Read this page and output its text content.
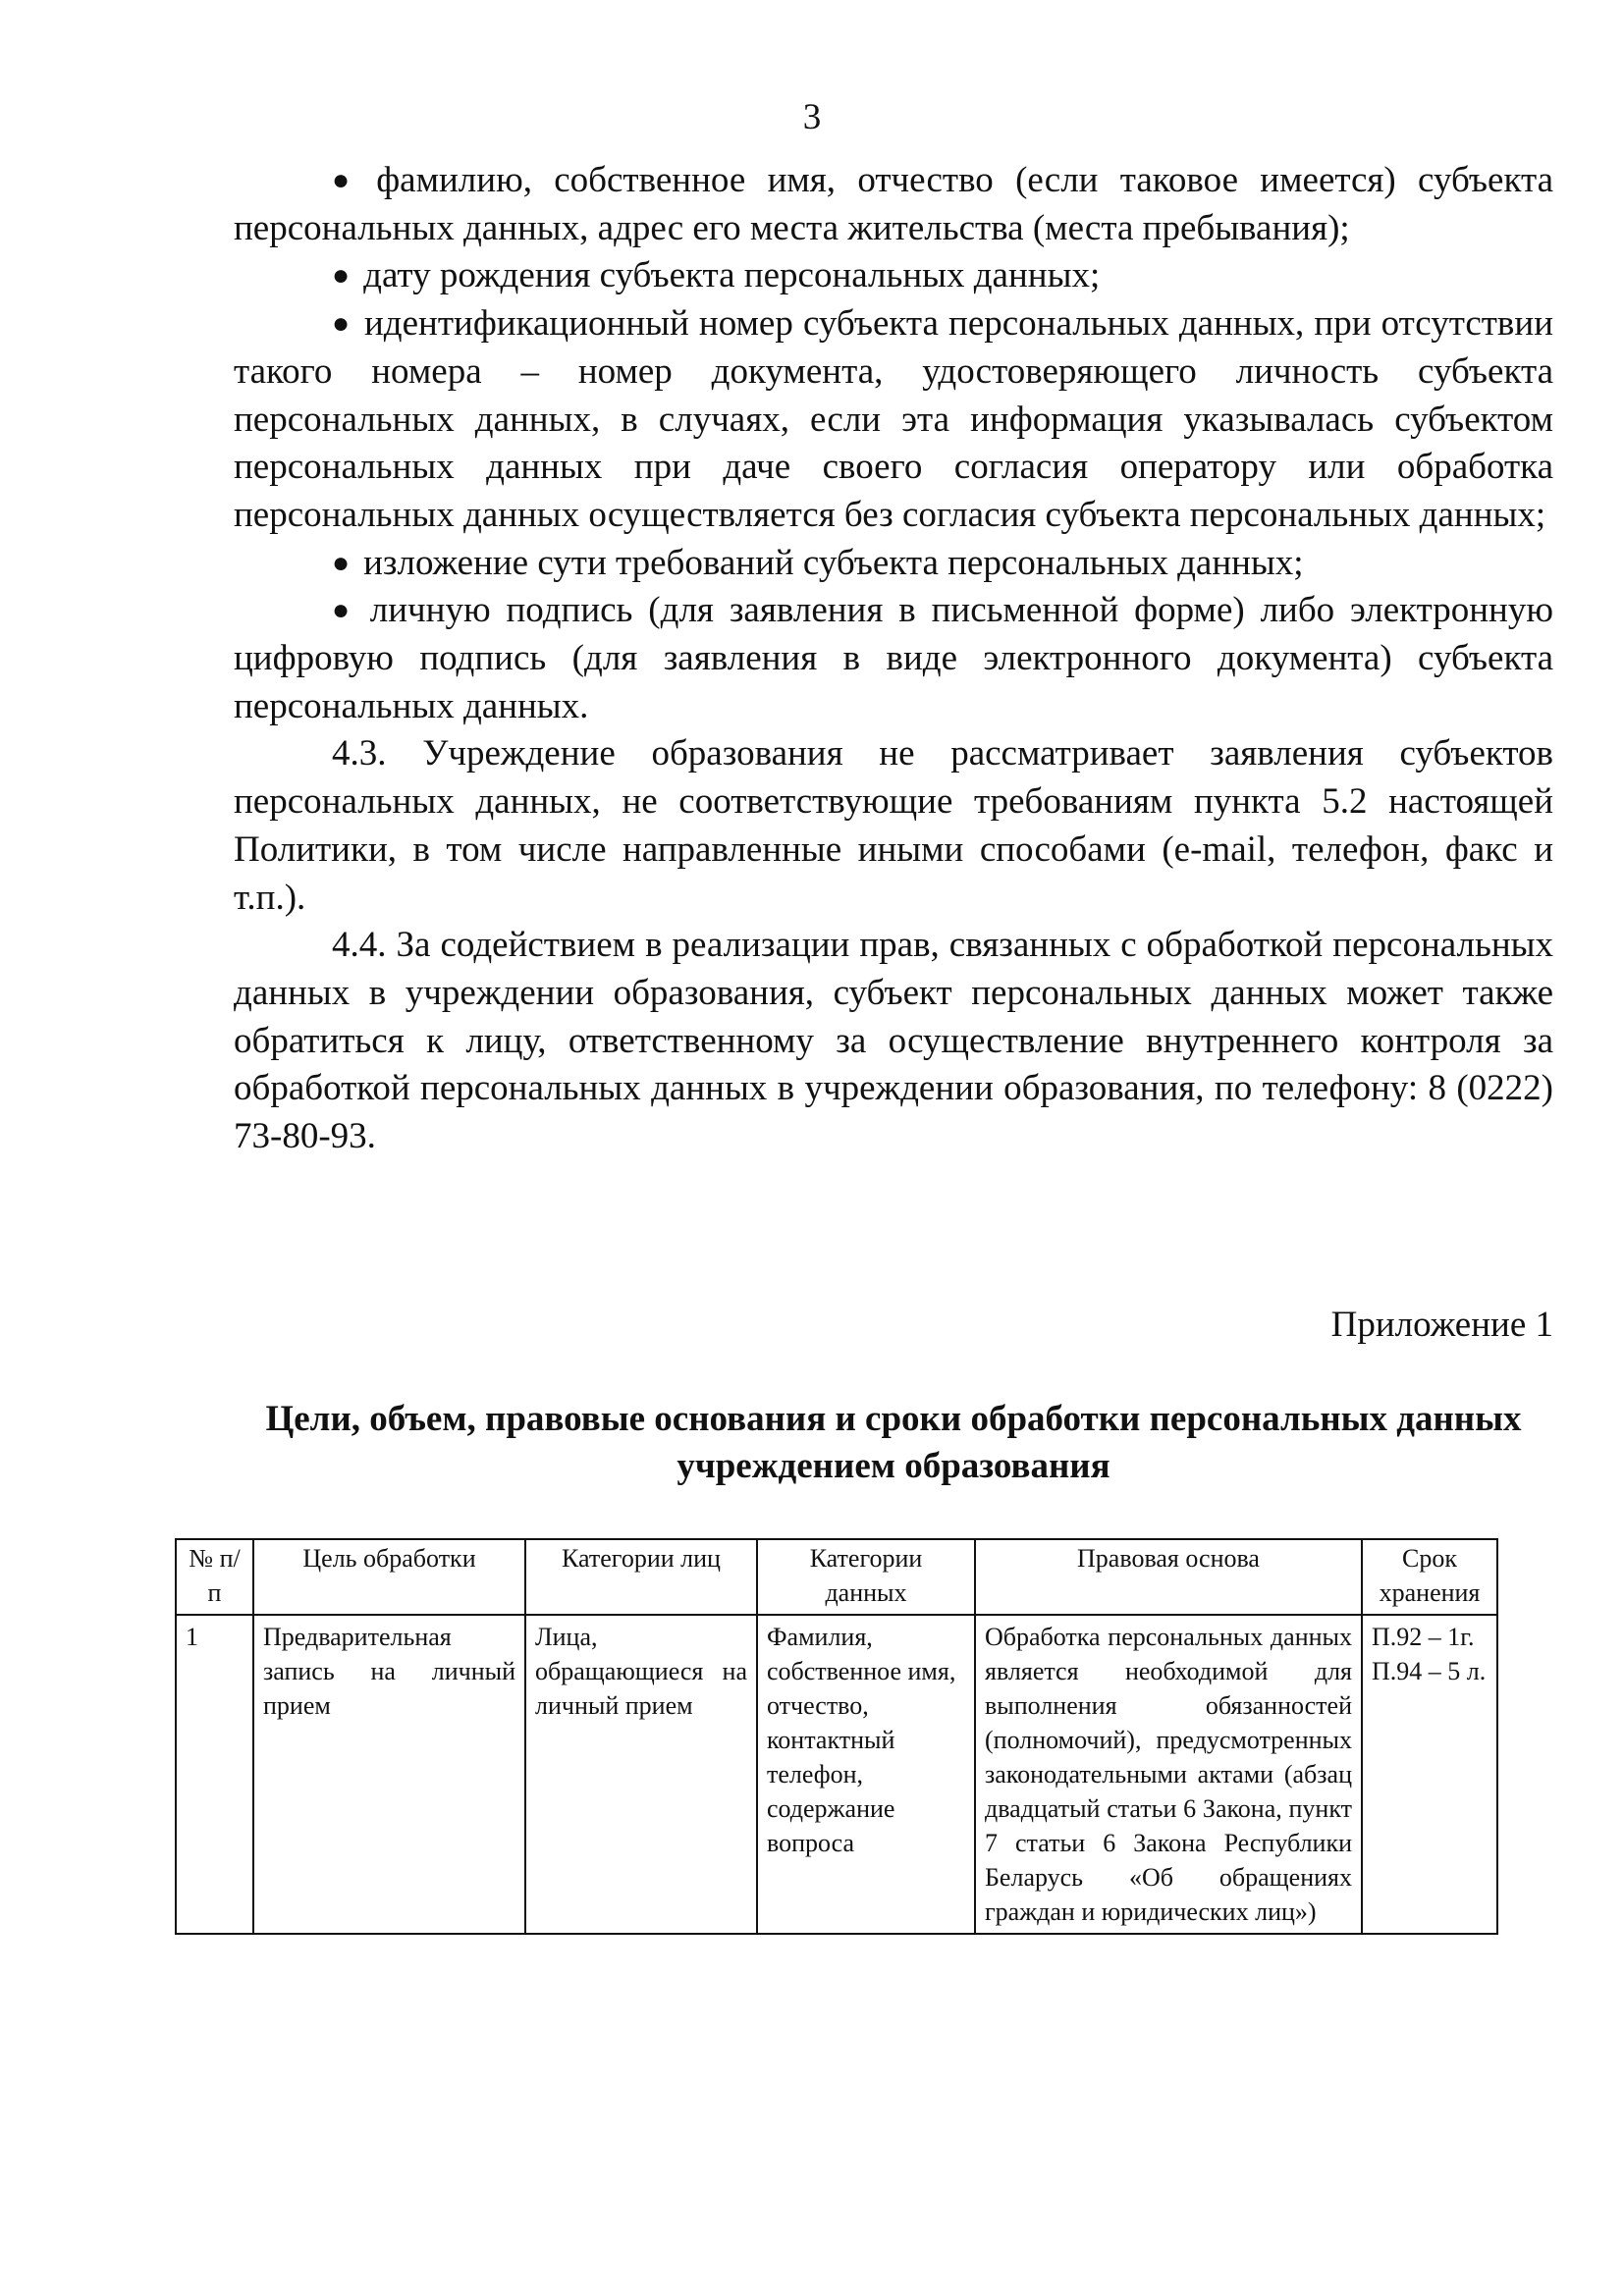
3

● фамилию, собственное имя, отчество (если таковое имеется) субъекта персональных данных, адрес его места жительства (места пребывания);

● дату рождения субъекта персональных данных;

● идентификационный номер субъекта персональных данных, при отсутствии такого номера – номер документа, удостоверяющего личность субъекта персональных данных, в случаях, если эта информация указывалась субъектом персональных данных при даче своего согласия оператору или обработка персональных данных осуществляется без согласия субъекта персональных данных;

● изложение сути требований субъекта персональных данных;

● личную подпись (для заявления в письменной форме) либо электронную цифровую подпись (для заявления в виде электронного документа) субъекта персональных данных.

4.3. Учреждение образования не рассматривает заявления субъектов персональных данных, не соответствующие требованиям пункта 5.2 настоящей Политики, в том числе направленные иными способами (e-mail, телефон, факс и т.п.).

4.4. За содействием в реализации прав, связанных с обработкой персональных данных в учреждении образования, субъект персональных данных может также обратиться к лицу, ответственному за осуществление внутреннего контроля за обработкой персональных данных в учреждении образования, по телефону: 8 (0222) 73-80-93.

Приложение 1
Цели, объем, правовые основания и сроки обработки персональных данных учреждением образования
№ п/п	Цель обработки	Категории лиц	Категории данных	Правовая основа	Срок хранения
1	Предварительная запись на личный прием	Лица, обращающиеся на личный прием	Фамилия, собственное имя, отчество, контактный телефон, содержание вопроса	Обработка персональных данных является необходимой для выполнения обязанностей (полномочий), предусмотренных законодательными актами (абзац двадцатый статьи 6 Закона, пункт 7 статьи 6 Закона Республики Беларусь «Об обращениях граждан и юридических лиц»)	П.92 – 1г.
П.94 – 5 л.
